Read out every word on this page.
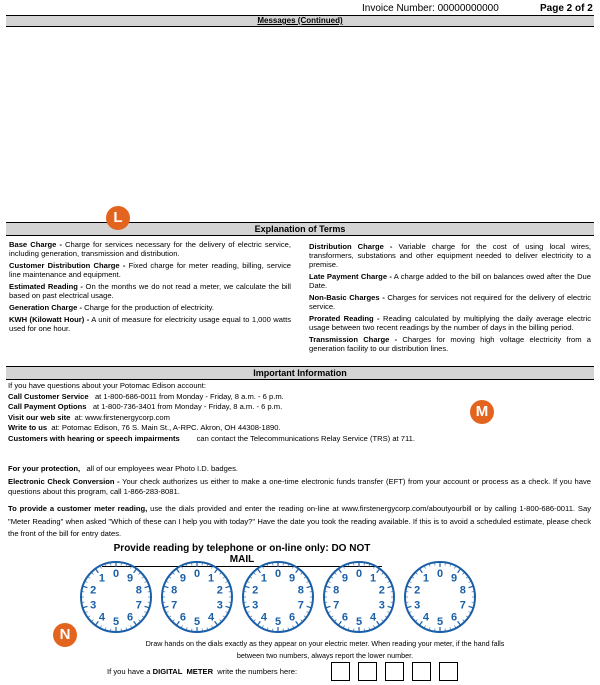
Invoice Number: 00000000000	Page 2 of 2
Messages (Continued)
Explanation of Terms
L

Base Charge - Charge for services necessary for the delivery of electric service, including generation, transmission and distribution.

Customer Distribution Charge - Fixed charge for meter reading, billing, service line maintenance and equipment.

Estimated Reading - On the months we do not read a meter, we calculate the bill based on past electrical usage.

Generation Charge - Charge for the production of electricity.

KWH (Kilowatt Hour) - A unit of measure for electricity usage equal to 1,000 watts used for one hour.

Distribution Charge - Variable charge for the cost of using local wires, transformers, substations and other equipment needed to deliver electricity to a premise.

Late Payment Charge - A charge added to the bill on balances owed after the Due Date.

Non-Basic Charges - Charges for services not required for the delivery of electric service.

Prorated Reading - Reading calculated by multiplying the daily average electric usage between two recent readings by the number of days in the billing period.

Transmission Charge - Charges for moving high voltage electricity from a generation facility to our distribution lines.

Important Information
M
If you have questions about your Potomac Edison account:
Call Customer Service   at 1-800-686-0011 from Monday - Friday, 8 a.m. - 6 p.m.
Call Payment Options   at 1-800-736-3401 from Monday - Friday, 8 a.m. - 6 p.m.
Visit our web site  at: www.firstenergycorp.com
Write to us  at: Potomac Edison, 76 S. Main St., A-RPC. Akron, OH 44308-1890.
Customers with hearing or speech impairments        can contact the Telecommunications Relay Service (TRS) at 711.
For your protection,   all of our employees wear Photo I.D. badges.
Electronic Check Conversion - Your check authorizes us either to make a one-time electronic funds transfer (EFT) from your account or process as a check. If you have questions about this program, call 1-866-283-8081.
To provide a customer meter reading, use the dials provided and enter the reading on-line at www.firstenergycorp.com/aboutyourbill or by calling 1-800-686-0011. Say "Meter Reading" when asked "Which of these can I help you with today?" Have the date you took the reading available. If this is to avoid a scheduled estimate, please check the front of the bill for entry dates.
Provide reading by telephone or on-line only: DO NOT MAIL
N
0
1
2
3
4 5 6
7
8
9	0 1
2
3
4
5
6
7
8
9	0
1
2
3
4 5 6
7
8
9	0 1
2
3
4
5
6
7
8
9	0
1
2
3
4 5 6
7
8
9
Draw hands on the dials exactly as they appear on your electric meter. When reading your meter, if the hand falls
between two numbers, always report the lower number.
If you have a DIGITAL  METER  write the numbers here:
